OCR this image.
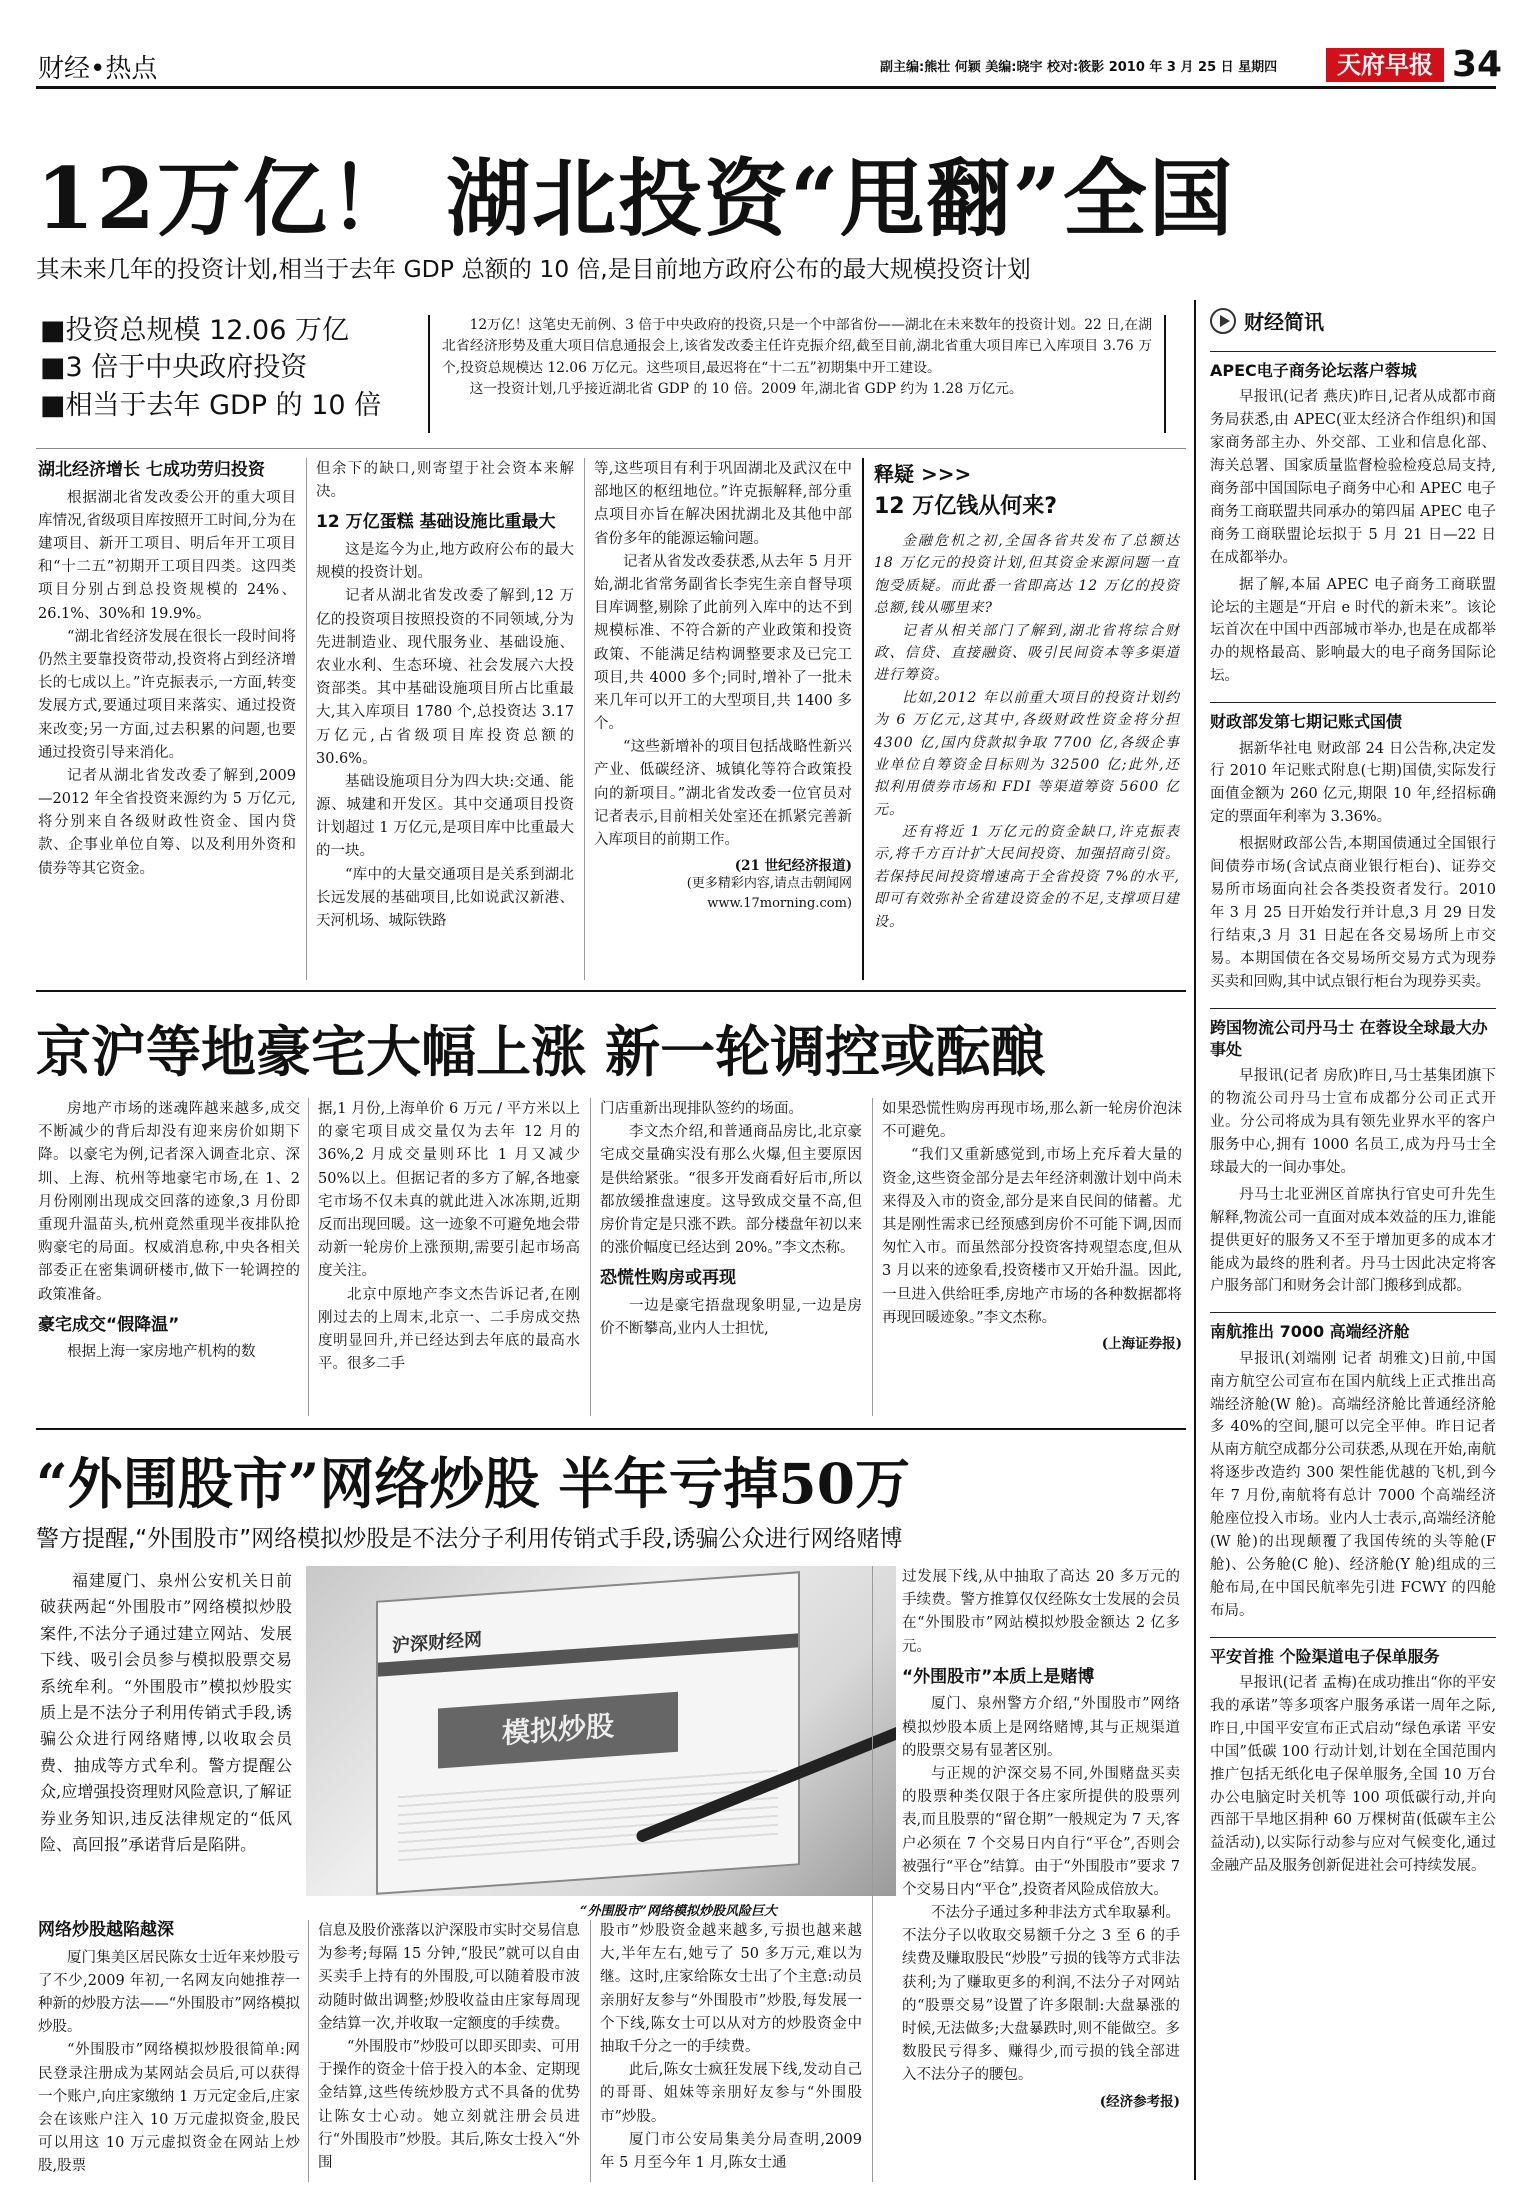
财经•热点	副主编:熊壮 何颖 美编:晓宇 校对:筱影 2010 年 3 月 25 日 星期四	天府早报 34
12万亿！ 湖北投资“甩翻”全国
其未来几年的投资计划,相当于去年 GDP 总额的 10 倍,是目前地方政府公布的最大规模投资计划
■投资总规模 12.06 万亿
■3 倍于中央政府投资
■相当于去年 GDP 的 10 倍

12万亿！这笔史无前例、3 倍于中央政府的投资,只是一个中部省份——湖北在未来数年的投资计划。22 日,在湖北省经济形势及重大项目信息通报会上,该省发改委主任许克振介绍,截至目前,湖北省重大项目库已入库项目 3.76 万个,投资总规模达 12.06 万亿元。这些项目,最迟将在“十二五”初期集中开工建设。

这一投资计划,几乎接近湖北省 GDP 的 10 倍。2009 年,湖北省 GDP 约为 1.28 万亿元。

湖北经济增长 七成功劳归投资

根据湖北省发改委公开的重大项目库情况,省级项目库按照开工时间,分为在建项目、新开工项目、明后年开工项目和“十二五”初期开工项目四类。这四类项目分别占到总投资规模的 24%、26.1%、30%和 19.9%。

“湖北省经济发展在很长一段时间将仍然主要靠投资带动,投资将占到经济增长的七成以上。”许克振表示,一方面,转变发展方式,要通过项目来落实、通过投资来改变;另一方面,过去积累的问题,也要通过投资引导来消化。

记者从湖北省发改委了解到,2009—2012 年全省投资来源约为 5 万亿元,将分别来自各级财政性资金、国内贷款、企事业单位自筹、以及利用外资和债券等其它资金。

但余下的缺口,则寄望于社会资本来解决。

12 万亿蛋糕 基础设施比重最大

这是迄今为止,地方政府公布的最大规模的投资计划。

记者从湖北省发改委了解到,12 万亿的投资项目按照投资的不同领域,分为先进制造业、现代服务业、基础设施、农业水利、生态环境、社会发展六大投资部类。其中基础设施项目所占比重最大,其入库项目 1780 个,总投资达 3.17 万亿元,占省级项目库投资总额的 30.6%。

基础设施项目分为四大块:交通、能源、城建和开发区。其中交通项目投资计划超过 1 万亿元,是项目库中比重最大的一块。

“库中的大量交通项目是关系到湖北长远发展的基础项目,比如说武汉新港、天河机场、城际铁路

等,这些项目有利于巩固湖北及武汉在中部地区的枢纽地位。”许克振解释,部分重点项目亦旨在解决困扰湖北及其他中部省份多年的能源运输问题。

记者从省发改委获悉,从去年 5 月开始,湖北省常务副省长李宪生亲自督导项目库调整,剔除了此前列入库中的达不到规模标准、不符合新的产业政策和投资政策、不能满足结构调整要求及已完工项目,共 4000 多个;同时,增补了一批未来几年可以开工的大型项目,共 1400 多个。

“这些新增补的项目包括战略性新兴产业、低碳经济、城镇化等符合政策投向的新项目。”湖北省发改委一位官员对记者表示,目前相关处室还在抓紧完善新入库项目的前期工作。

(21 世纪经济报道)
(更多精彩内容,请点击朝闻网 www.17morning.com)
释疑 >>>
12 万亿钱从何来?

金融危机之初,全国各省共发布了总额达 18 万亿元的投资计划,但其资金来源问题一直饱受质疑。而此番一省即高达 12 万亿的投资总额,钱从哪里来?

记者从相关部门了解到,湖北省将综合财政、信贷、直接融资、吸引民间资本等多渠道进行筹资。

比如,2012 年以前重大项目的投资计划约为 6 万亿元,这其中,各级财政性资金将分担 4300 亿,国内贷款拟争取 7700 亿,各级企事业单位自筹资金目标则为 32500 亿;此外,还拟利用债券市场和 FDI 等渠道筹资 5600 亿元。

还有将近 1 万亿元的资金缺口,许克振表示,将千方百计扩大民间投资、加强招商引资。若保持民间投资增速高于全省投资 7%的水平,即可有效弥补全省建设资金的不足,支撑项目建设。

京沪等地豪宅大幅上涨 新一轮调控或酝酿

房地产市场的迷魂阵越来越多,成交不断减少的背后却没有迎来房价如期下降。以豪宅为例,记者深入调查北京、深圳、上海、杭州等地豪宅市场,在 1、2 月份刚刚出现成交回落的迹象,3 月份即重现升温苗头,杭州竟然重现半夜排队抢购豪宅的局面。权威消息称,中央各相关部委正在密集调研楼市,做下一轮调控的政策准备。

豪宅成交“假降温”

根据上海一家房地产机构的数

据,1 月份,上海单价 6 万元 / 平方米以上的豪宅项目成交量仅为去年 12 月的 36%,2 月成交量则环比 1 月又减少 50%以上。但据记者的多方了解,各地豪宅市场不仅未真的就此进入冰冻期,近期反而出现回暖。这一迹象不可避免地会带动新一轮房价上涨预期,需要引起市场高度关注。

北京中原地产李文杰告诉记者,在刚刚过去的上周末,北京一、二手房成交热度明显回升,并已经达到去年底的最高水平。很多二手

门店重新出现排队签约的场面。

李文杰介绍,和普通商品房比,北京豪宅成交量确实没有那么火爆,但主要原因是供给紧张。“很多开发商看好后市,所以都放缓推盘速度。这导致成交量不高,但房价肯定是只涨不跌。部分楼盘年初以来的涨价幅度已经达到 20%。”李文杰称。

恐慌性购房或再现

一边是豪宅捂盘现象明显,一边是房价不断攀高,业内人士担忧,

如果恐慌性购房再现市场,那么新一轮房价泡沫不可避免。

“我们又重新感觉到,市场上充斥着大量的资金,这些资金部分是去年经济刺激计划中尚未来得及入市的资金,部分是来自民间的储蓄。尤其是刚性需求已经预感到房价不可能下调,因而匆忙入市。而虽然部分投资客持观望态度,但从 3 月以来的迹象看,投资楼市又开始升温。因此,一旦进入供给旺季,房地产市场的各种数据都将再现回暖迹象。”李文杰称。

(上海证券报)
“外围股市”网络炒股 半年亏掉50万
警方提醒,“外围股市”网络模拟炒股是不法分子利用传销式手段,诱骗公众进行网络赌博

福建厦门、泉州公安机关日前破获两起“外围股市”网络模拟炒股案件,不法分子通过建立网站、发展下线、吸引会员参与模拟股票交易系统牟利。“外围股市”模拟炒股实质上是不法分子利用传销式手段,诱骗公众进行网络赌博,以收取会员费、抽成等方式牟利。警方提醒公众,应增强投资理财风险意识,了解证券业务知识,违反法律规定的“低风险、高回报”承诺背后是陷阱。

沪深财经网
模拟炒股
“外围股市”网络模拟炒股风险巨大
网络炒股越陷越深

厦门集美区居民陈女士近年来炒股亏了不少,2009 年初,一名网友向她推荐一种新的炒股方法——“外围股市”网络模拟炒股。

“外围股市”网络模拟炒股很简单:网民登录注册成为某网站会员后,可以获得一个账户,向庄家缴纳 1 万元定金后,庄家会在该账户注入 10 万元虚拟资金,股民可以用这 10 万元虚拟资金在网站上炒股,股票

信息及股价涨落以沪深股市实时交易信息为参考;每隔 15 分钟,“股民”就可以自由买卖手上持有的外围股,可以随着股市波动随时做出调整;炒股收益由庄家每周现金结算一次,并收取一定额度的手续费。

“外围股市”炒股可以即买即卖、可用于操作的资金十倍于投入的本金、定期现金结算,这些传统炒股方式不具备的优势让陈女士心动。她立刻就注册会员进行“外围股市”炒股。其后,陈女士投入“外围

股市”炒股资金越来越多,亏损也越来越大,半年左右,她亏了 50 多万元,难以为继。这时,庄家给陈女士出了个主意:动员亲朋好友参与“外围股市”炒股,每发展一个下线,陈女士可以从对方的炒股资金中抽取千分之一的手续费。

此后,陈女士疯狂发展下线,发动自己的哥哥、姐妹等亲朋好友参与“外围股市”炒股。

厦门市公安局集美分局查明,2009 年 5 月至今年 1 月,陈女士通

过发展下线,从中抽取了高达 20 多万元的手续费。警方推算仅仅经陈女士发展的会员在“外围股市”网站模拟炒股金额达 2 亿多元。

“外围股市”本质上是赌博

厦门、泉州警方介绍,“外围股市”网络模拟炒股本质上是网络赌博,其与正规渠道的股票交易有显著区别。

与正规的沪深交易不同,外围赌盘买卖的股票种类仅限于各庄家所提供的股票列表,而且股票的“留仓期”一般规定为 7 天,客户必须在 7 个交易日内自行“平仓”,否则会被强行“平仓”结算。由于“外围股市”要求 7 个交易日内“平仓”,投资者风险成倍放大。

不法分子通过多种非法方式牟取暴利。不法分子以收取交易额千分之 3 至 6 的手续费及赚取股民“炒股”亏损的钱等方式非法获利;为了赚取更多的利润,不法分子对网站的“股票交易”设置了许多限制:大盘暴涨的时候,无法做多;大盘暴跌时,则不能做空。多数股民亏得多、赚得少,而亏损的钱全部进入不法分子的腰包。

(经济参考报)
财经简讯
APEC电子商务论坛落户蓉城

早报讯(记者 燕庆)昨日,记者从成都市商务局获悉,由 APEC(亚太经济合作组织)和国家商务部主办、外交部、工业和信息化部、海关总署、国家质量监督检验检疫总局支持,商务部中国国际电子商务中心和 APEC 电子商务工商联盟共同承办的第四届 APEC 电子商务工商联盟论坛拟于 5 月 21 日—22 日在成都举办。

据了解,本届 APEC 电子商务工商联盟论坛的主题是“开启 e 时代的新未来”。该论坛首次在中国中西部城市举办,也是在成都举办的规格最高、影响最大的电子商务国际论坛。

财政部发第七期记账式国债

据新华社电 财政部 24 日公告称,决定发行 2010 年记账式附息(七期)国债,实际发行面值金额为 260 亿元,期限 10 年,经招标确定的票面年利率为 3.36%。

根据财政部公告,本期国债通过全国银行间债券市场(含试点商业银行柜台)、证券交易所市场面向社会各类投资者发行。2010 年 3 月 25 日开始发行并计息,3 月 29 日发行结束,3 月 31 日起在各交易场所上市交易。本期国债在各交易场所交易方式为现券买卖和回购,其中试点银行柜台为现券买卖。

跨国物流公司丹马士 在蓉设全球最大办事处

早报讯(记者 房欣)昨日,马士基集团旗下的物流公司丹马士宣布成都分公司正式开业。分公司将成为具有领先业界水平的客户服务中心,拥有 1000 名员工,成为丹马士全球最大的一间办事处。

丹马士北亚洲区首席执行官史可升先生解释,物流公司一直面对成本效益的压力,谁能提供更好的服务又不至于增加更多的成本才能成为最终的胜利者。丹马士因此决定将客户服务部门和财务会计部门搬移到成都。

南航推出 7000 高端经济舱

早报讯(刘端刚 记者 胡雅文)日前,中国南方航空公司宣布在国内航线上正式推出高端经济舱(W 舱)。高端经济舱比普通经济舱多 40%的空间,腿可以完全平伸。昨日记者从南方航空成都分公司获悉,从现在开始,南航将逐步改造约 300 架性能优越的飞机,到今年 7 月份,南航将有总计 7000 个高端经济舱座位投入市场。业内人士表示,高端经济舱(W 舱)的出现颠覆了我国传统的头等舱(F 舱)、公务舱(C 舱)、经济舱(Y 舱)组成的三舱布局,在中国民航率先引进 FCWY 的四舱布局。

平安首推 个险渠道电子保单服务

早报讯(记者 孟梅)在成功推出“你的平安 我的承诺”等多项客户服务承诺一周年之际,昨日,中国平安宣布正式启动“绿色承诺 平安中国”低碳 100 行动计划,计划在全国范围内推广包括无纸化电子保单服务,全国 10 万台办公电脑定时关机等 100 项低碳行动,并向西部干旱地区捐种 60 万棵树苗(低碳车主公益活动),以实际行动参与应对气候变化,通过金融产品及服务创新促进社会可持续发展。
